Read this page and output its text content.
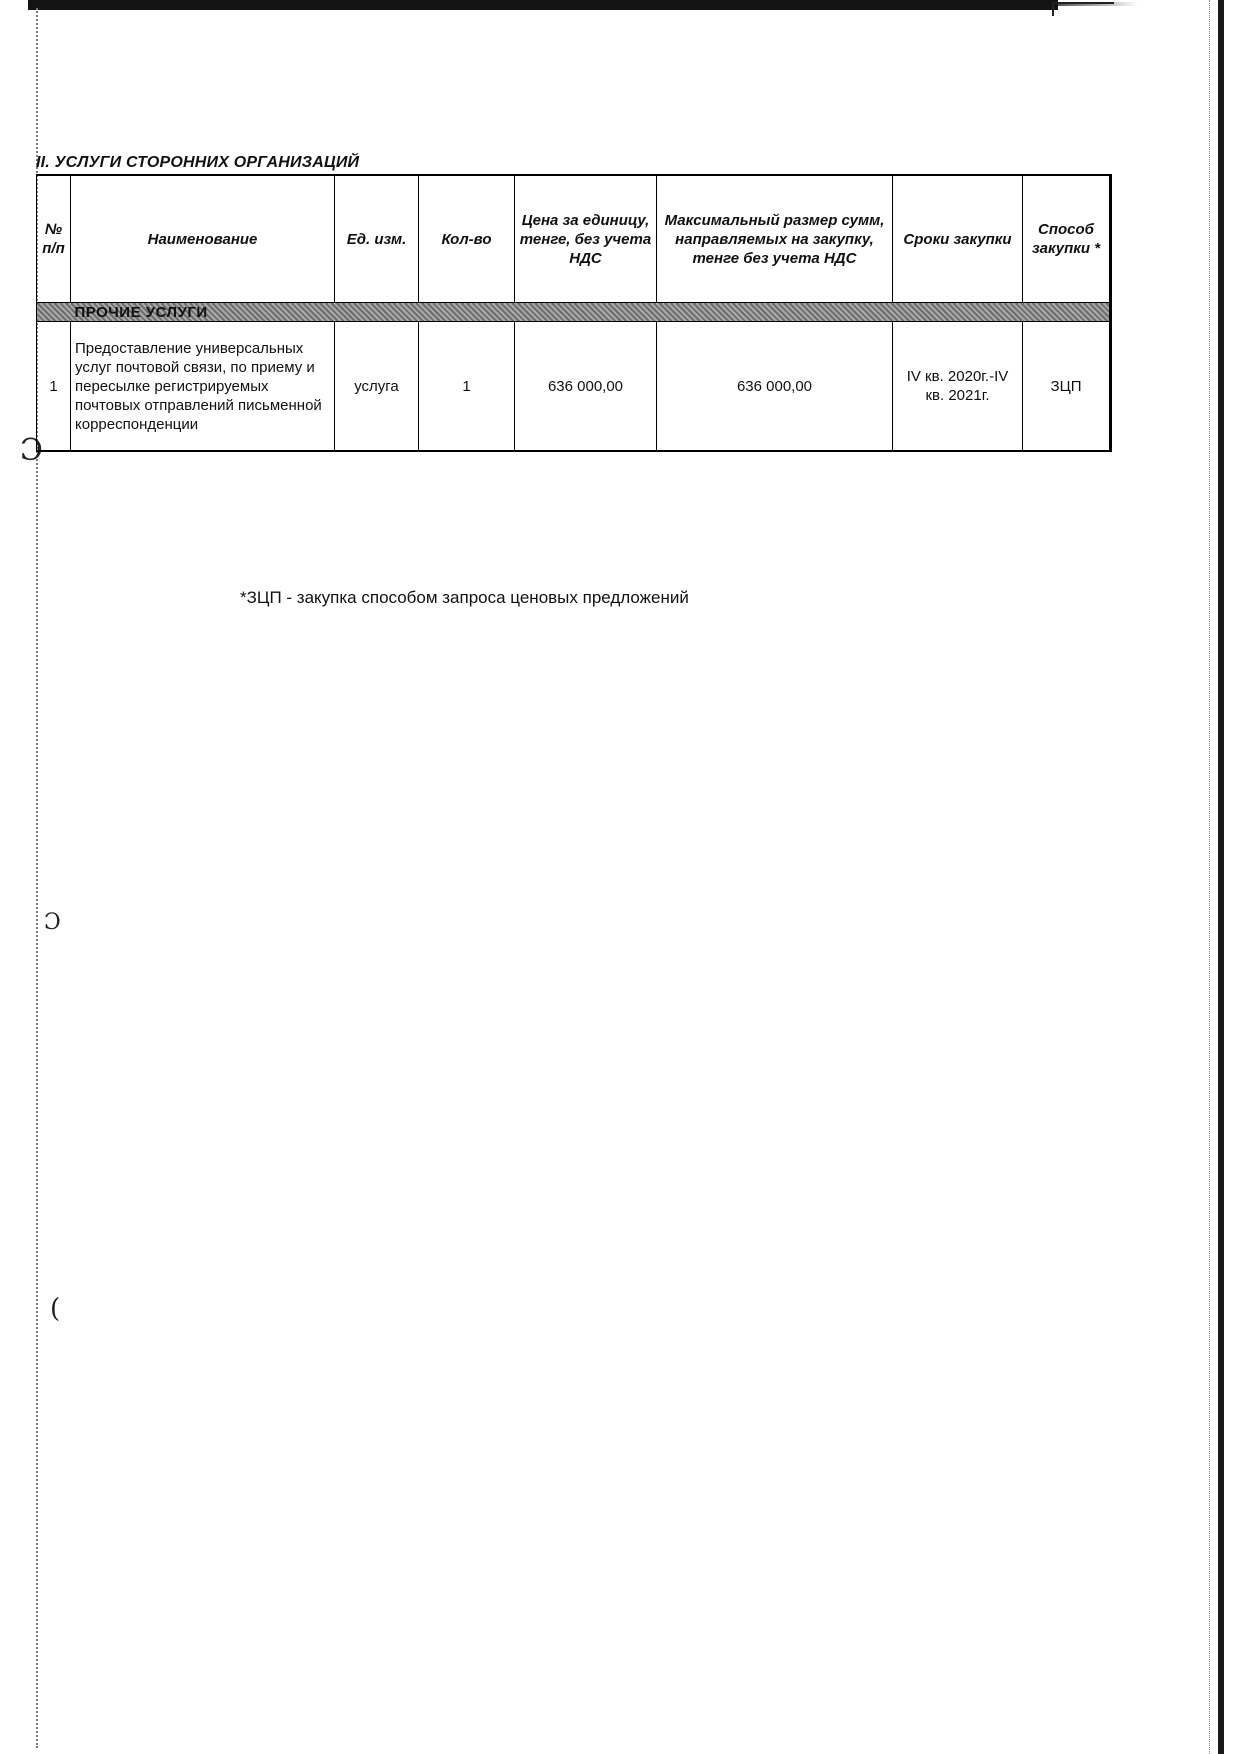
Ɔ
Ɔ
(
II. УСЛУГИ СТОРОННИХ ОРГАНИЗАЦИЙ
№ п/п	Наименование	Ед. изм.	Кол-во	Цена за единицу, тенге, без учета НДС	Максимальный размер сумм, направляемых на закупку, тенге без учета НДС	Сроки закупки	Способ закупки *
	ПРОЧИЕ УСЛУГИ						
1	Предоставление универсальных услуг почтовой связи, по приему и пересылке регистрируемых почтовых отправлений письменной корреспонденции	услуга	1	636 000,00	636 000,00	IV кв. 2020г.-IV кв. 2021г.	ЗЦП
*ЗЦП - закупка способом запроса ценовых предложений
